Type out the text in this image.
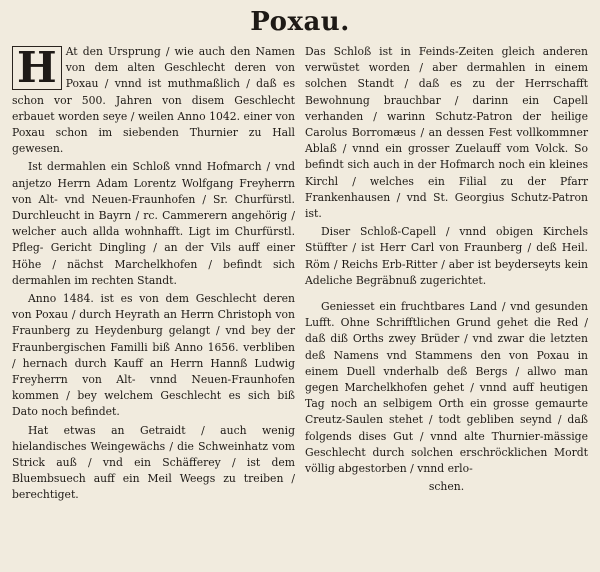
Poxau.

H At den Ursprung / wie auch den Namen von dem alten Geschlecht deren von Poxau / vnnd ist muthmaßlich / daß es schon vor 500. Jahren von disem Geschlecht erbauet worden seye / weilen Anno 1042. einer von Poxau schon im siebenden Thurnier zu Hall gewesen.

Ist dermahlen ein Schloß vnnd Hofmarch / vnd anjetzo Herrn Adam Lorentz Wolfgang Freyherrn von Alt- vnd Neuen-Fraunhofen / Sr. Churfürstl. Durchleucht in Bayrn / rc. Cammerern angehörig / welcher auch allda wohnhafft. Ligt im Churfürstl. Pfleg- Gericht Dingling / an der Vils auff einer Höhe / nächst Marchelkhofen / befindt sich dermahlen im rechten Standt.

Anno 1484. ist es von dem Geschlecht deren von Poxau / durch Heyrath an Herrn Christoph von Fraunberg zu Heydenburg gelangt / vnd bey der Fraunbergischen Familli biß Anno 1656. verbliben / hernach durch Kauff an Herrn Hannß Ludwig Freyherrn von Alt- vnnd Neuen-Fraunhofen kommen / bey welchem Geschlecht es sich biß Dato noch befindet.

Hat etwas an Getraidt / auch wenig hielandisches Weingewächs / die Schweinhatz vom Strick auß / vnd ein Schäfferey / ist dem Bluembsuech auff ein Meil Weegs zu treiben / berechtiget.

Das Schloß ist in Feinds-Zeiten gleich anderen verwüstet worden / aber dermahlen in einem solchen Standt / daß es zu der Herrschafft Bewohnung brauchbar / darinn ein Capell verhanden / warinn Schutz-Patron der heilige Carolus Borromæus / an dessen Fest vollkommner Ablaß / vnnd ein grosser Zuelauff vom Volck. So befindt sich auch in der Hofmarch noch ein kleines Kirchl / welches ein Filial zu der Pfarr Frankenhausen / vnd St. Georgius Schutz-Patron ist.

Diser Schloß-Capell / vnnd obigen Kirchels Stüffter / ist Herr Carl von Fraunberg / deß Heil. Röm / Reichs Erb-Ritter / aber ist beyderseyts kein Adeliche Begräbnuß zugerichtet.

Geniesset ein fruchtbares Land / vnd gesunden Lufft. Ohne Schrifftlichen Grund gehet die Red / daß diß Orths zwey Brüder / vnd zwar die letzten deß Namens vnd Stammens den von Poxau in einem Duell vnderhalb deß Bergs / allwo man gegen Marchelkhofen gehet / vnnd auff heutigen Tag noch an selbigem Orth ein grosse gemaurte Creutz-Saulen stehet / todt gebliben seynd / daß folgends dises Gut / vnnd alte Thurnier-mässige Geschlecht durch solchen erschröcklichen Mordt völlig abgestorben / vnnd erlo-

schen.
